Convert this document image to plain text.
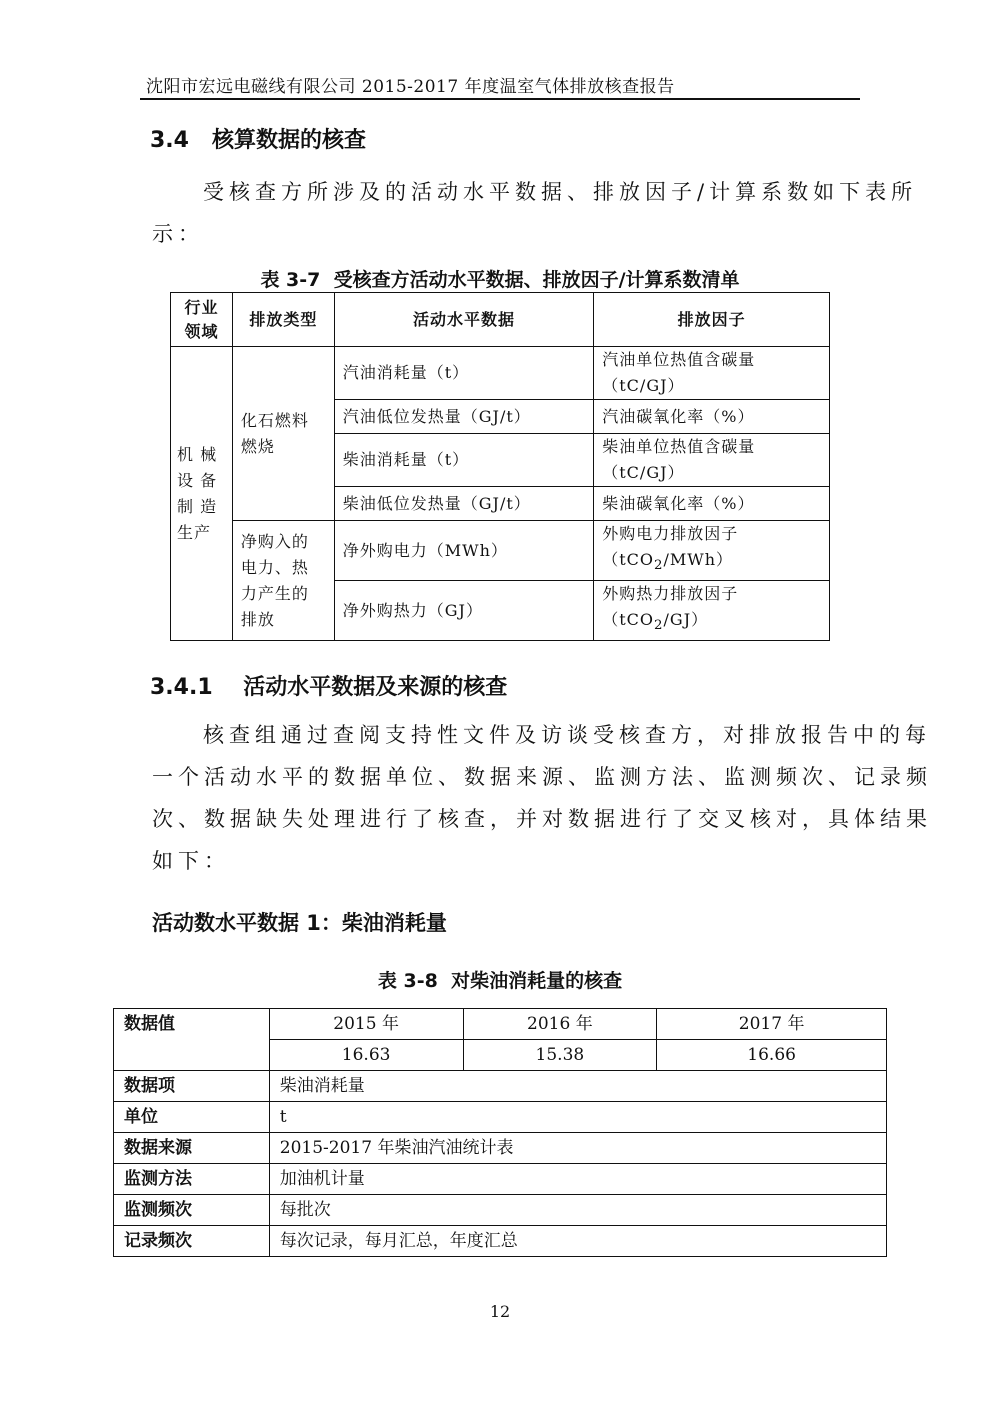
沈阳市宏远电磁线有限公司 2015-2017 年度温室气体排放核查报告
3.4   核算数据的核查
受核查方所涉及的活动水平数据、排放因子/计算系数如下表所
示：
表 3-7  受核查方活动水平数据、排放因子/计算系数清单
行业领域	排放类型	活动水平数据	排放因子
机 械 设 备 制 造 生产	化石燃料燃烧	汽油消耗量（t）	汽油单位热值含碳量（tC/GJ）
		汽油低位发热量（GJ/t）	汽油碳氧化率（%）
		柴油消耗量（t）	柴油单位热值含碳量（tC/GJ）
		柴油低位发热量（GJ/t）	柴油碳氧化率（%）
	净购入的电力、热力产生的排放	净外购电力（MWh）	外购电力排放因子
（tCO$_2$/MWh）
		净外购热力（GJ）	外购热力排放因子（tCO$_2$/GJ）
3.4.1    活动水平数据及来源的核查
核查组通过查阅支持性文件及访谈受核查方，对排放报告中的每
一个活动水平的数据单位、数据来源、监测方法、监测频次、记录频
次、数据缺失处理进行了核查，并对数据进行了交叉核对，具体结果
如下：
活动数水平数据 1：柴油消耗量
表 3-8  对柴油消耗量的核查
数据值	2015 年	2016 年	2017 年
	16.63	15.38	16.66
数据项	柴油消耗量		
单位	t		
数据来源	2015-2017 年柴油汽油统计表		
监测方法	加油机计量		
监测频次	每批次		
记录频次	每次记录，每月汇总，年度汇总		
12
